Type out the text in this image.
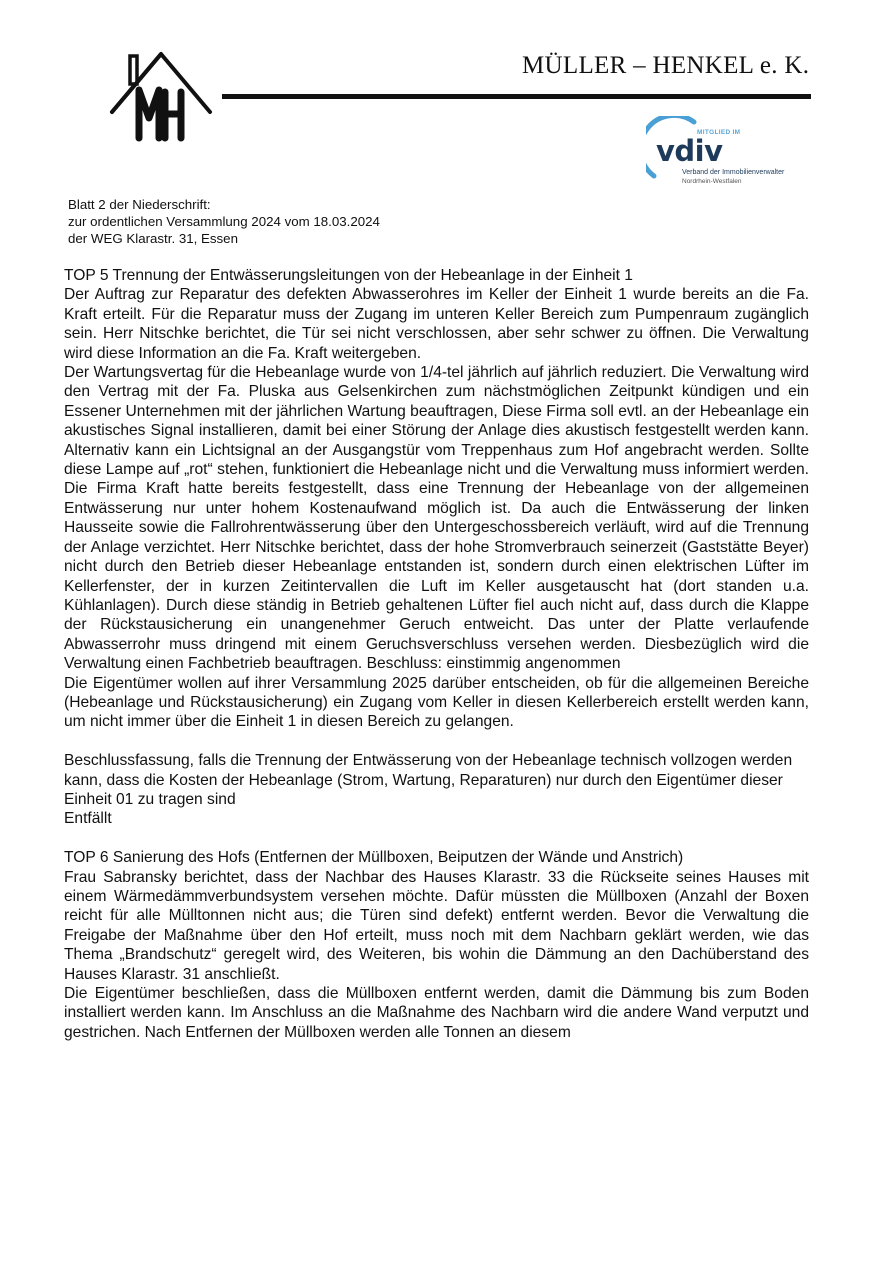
MÜLLER – HENKEL e. K.
MITGLIED IM
vdiv
Verband der Immobilienverwalter
Nordrhein-Westfalen
Blatt 2 der Niederschrift:
zur ordentlichen Versammlung 2024 vom 18.03.2024
der WEG Klarastr. 31, Essen

TOP 5 Trennung der Entwässerungsleitungen von der Hebeanlage in der Einheit 1

Der Auftrag zur Reparatur des defekten Abwasserohres im Keller der Einheit 1 wurde bereits an die Fa. Kraft erteilt. Für die Reparatur muss der Zugang im unteren Keller Bereich zum Pumpenraum zugänglich sein. Herr Nitschke berichtet, die Tür sei nicht verschlossen, aber sehr schwer zu öffnen. Die Verwaltung wird diese Information an die Fa. Kraft weitergeben.

Der Wartungsvertag für die Hebeanlage wurde von 1/4-tel jährlich auf jährlich reduziert. Die Verwaltung wird den Vertrag mit der Fa. Pluska aus Gelsenkirchen zum nächstmöglichen Zeitpunkt kündigen und ein Essener Unternehmen mit der jährlichen Wartung beauftragen, Diese Firma soll evtl. an der Hebeanlage ein akustisches Signal installieren, damit bei einer Störung der Anlage dies akustisch festgestellt werden kann. Alternativ kann ein Lichtsignal an der Ausgangstür vom Treppenhaus zum Hof angebracht werden. Sollte diese Lampe auf „rot“ stehen, funktioniert die Hebeanlage nicht und die Verwaltung muss informiert werden. Die Firma Kraft hatte bereits festgestellt, dass eine Trennung der Hebeanlage von der allgemeinen Entwässerung nur unter hohem Kostenaufwand möglich ist. Da auch die Entwässerung der linken Hausseite sowie die Fallrohrentwässerung über den Untergeschossbereich verläuft, wird auf die Trennung der Anlage verzichtet. Herr Nitschke berichtet, dass der hohe Stromverbrauch seinerzeit (Gaststätte Beyer) nicht durch den Betrieb dieser Hebeanlage entstanden ist, sondern durch einen elektrischen Lüfter im Kellerfenster, der in kurzen Zeitintervallen die Luft im Keller ausgetauscht hat (dort standen u.a. Kühlanlagen). Durch diese ständig in Betrieb gehaltenen Lüfter fiel auch nicht auf, dass durch die Klappe der Rückstausicherung ein unangenehmer Geruch entweicht. Das unter der Platte verlaufende Abwasserrohr muss dringend mit einem Geruchsverschluss versehen werden. Diesbezüglich wird die Verwaltung einen Fachbetrieb beauftragen. Beschluss: einstimmig angenommen

Die Eigentümer wollen auf ihrer Versammlung 2025 darüber entscheiden, ob für die allgemeinen Bereiche (Hebeanlage und Rückstausicherung) ein Zugang vom Keller in diesen Kellerbereich erstellt werden kann, um nicht immer über die Einheit 1 in diesen Bereich zu gelangen.

Beschlussfassung, falls die Trennung der Entwässerung von der Hebeanlage technisch vollzogen werden kann, dass die Kosten der Hebeanlage (Strom, Wartung, Reparaturen) nur durch den Eigentümer dieser Einheit 01 zu tragen sind

Entfällt

TOP 6 Sanierung des Hofs (Entfernen der Müllboxen, Beiputzen der Wände und Anstrich)

Frau Sabransky berichtet, dass der Nachbar des Hauses Klarastr. 33 die Rückseite seines Hauses mit einem Wärmedämmverbundsystem versehen möchte. Dafür müssten die Müllboxen (Anzahl der Boxen reicht für alle Mülltonnen nicht aus; die Türen sind defekt) entfernt werden. Bevor die Verwaltung die Freigabe der Maßnahme über den Hof erteilt, muss noch mit dem Nachbarn geklärt werden, wie das Thema „Brandschutz“ geregelt wird, des Weiteren, bis wohin die Dämmung an den Dachüberstand des Hauses Klarastr. 31 anschließt.

Die Eigentümer beschließen, dass die Müllboxen entfernt werden, damit die Dämmung bis zum Boden installiert werden kann. Im Anschluss an die Maßnahme des Nachbarn wird die andere Wand verputzt und gestrichen. Nach Entfernen der Müllboxen werden alle Tonnen an diesem
